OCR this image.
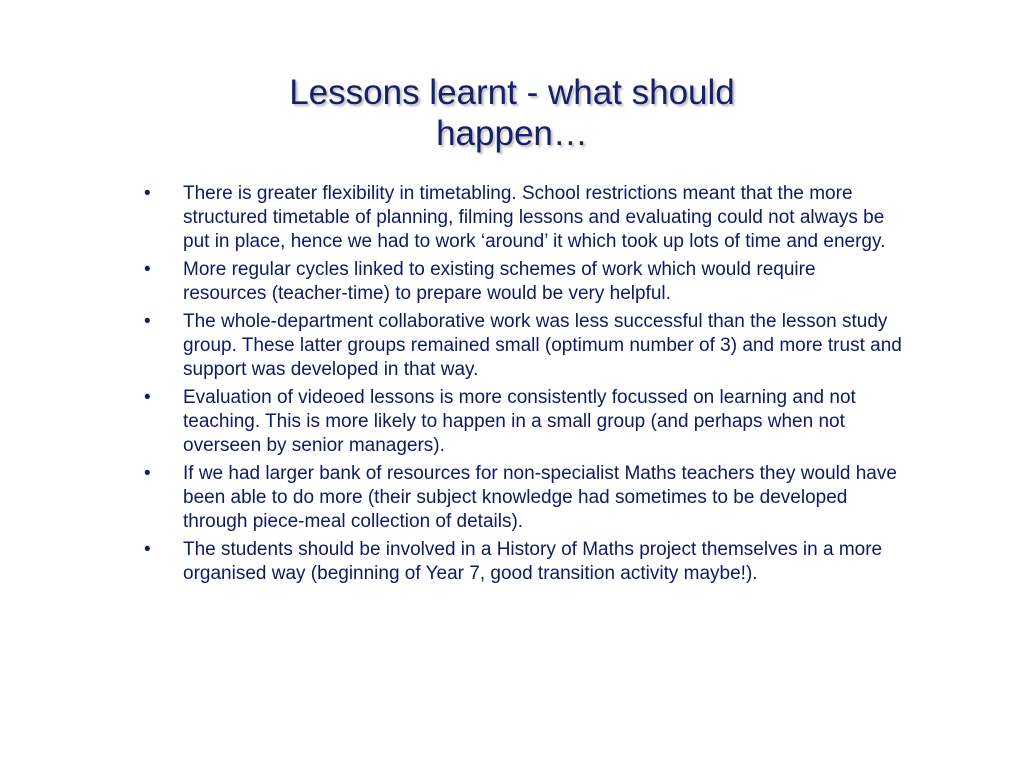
Lessons learnt - what should
happen…
• There is greater flexibility in timetabling. School restrictions meant that the more structured timetable of planning, filming lessons and evaluating could not always be put in place, hence we had to work ‘around’ it which took up lots of time and energy.
• More regular cycles linked to existing schemes of work which would require resources (teacher-time) to prepare would be very helpful.
• The whole-department collaborative work was less successful than the lesson study group. These latter groups remained small (optimum number of 3) and more trust and support was developed in that way.
• Evaluation of videoed lessons is more consistently focussed on learning and not teaching. This is more likely to happen in a small group (and perhaps when not overseen by senior managers).
• If we had larger bank of resources for non-specialist Maths teachers they would have been able to do more (their subject knowledge had sometimes to be developed through piece-meal collection of details).
• The students should be involved in a History of Maths project themselves in a more organised way (beginning of Year 7, good transition activity maybe!).
